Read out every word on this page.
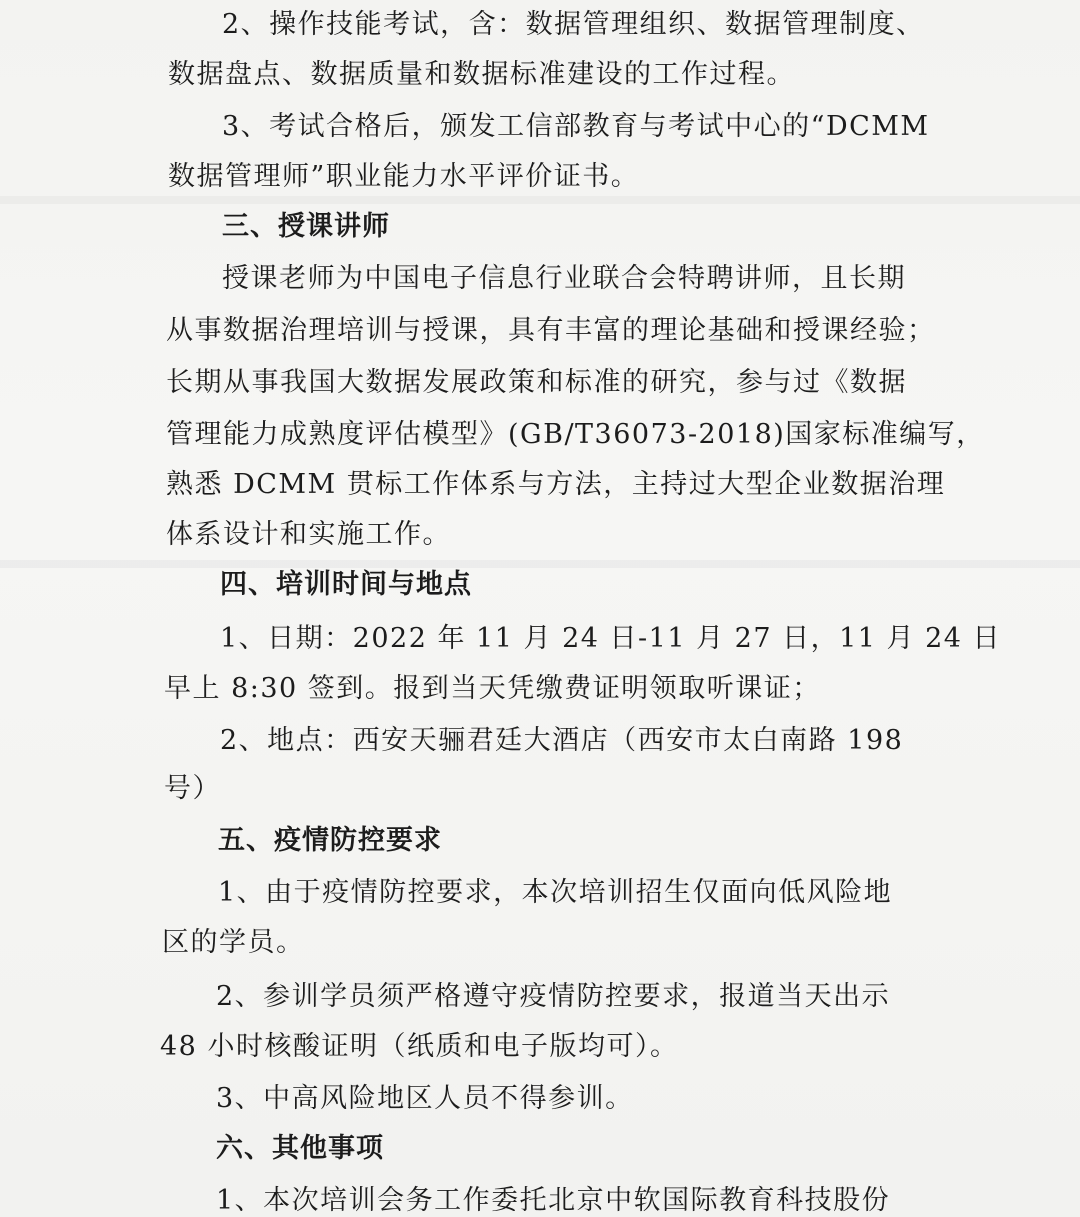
2、操作技能考试，含：数据管理组织、数据管理制度、
数据盘点、数据质量和数据标准建设的工作过程。
3、考试合格后，颁发工信部教育与考试中心的“DCMM
数据管理师”职业能力水平评价证书。
三、授课讲师
授课老师为中国电子信息行业联合会特聘讲师，且长期
从事数据治理培训与授课，具有丰富的理论基础和授课经验；
长期从事我国大数据发展政策和标准的研究，参与过《数据
管理能力成熟度评估模型》(GB/T36073-2018)国家标准编写，
熟悉 DCMM 贯标工作体系与方法，主持过大型企业数据治理
体系设计和实施工作。
四、培训时间与地点
1、日期：2022 年 11 月 24 日-11 月 27 日，11 月 24 日
早上 8:30 签到。报到当天凭缴费证明领取听课证；
2、地点：西安天骊君廷大酒店（西安市太白南路 198
号）
五、疫情防控要求
1、由于疫情防控要求，本次培训招生仅面向低风险地
区的学员。
2、参训学员须严格遵守疫情防控要求，报道当天出示
48 小时核酸证明（纸质和电子版均可）。
3、中高风险地区人员不得参训。
六、其他事项
1、本次培训会务工作委托北京中软国际教育科技股份
